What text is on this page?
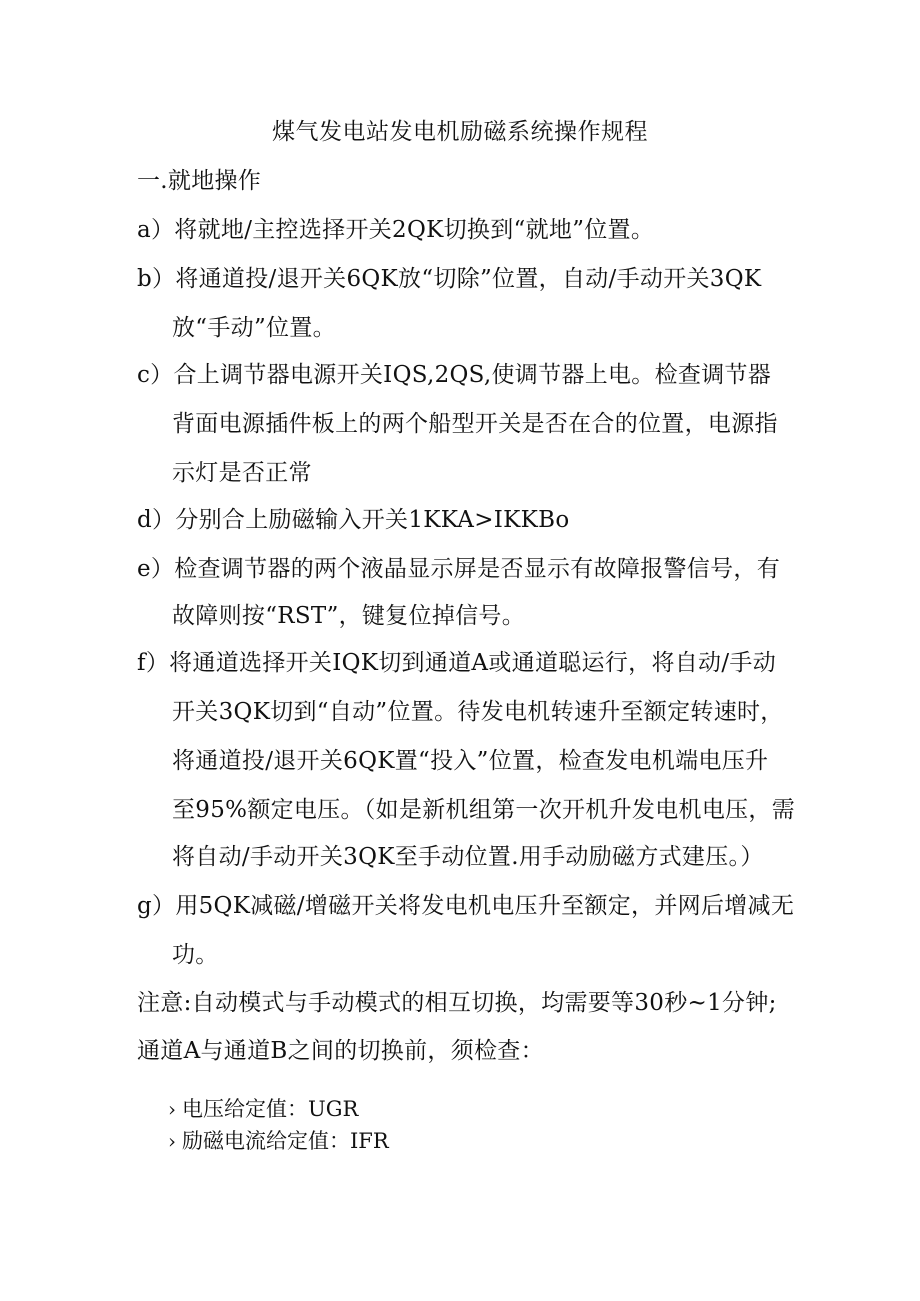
煤气发电站发电机励磁系统操作规程
一.就地操作
a）将就地/主控选择开关2QK切换到“就地”位置。
b）将通道投/退开关6QK放“切除”位置，自动/手动开关3QK
放“手动”位置。
c）合上调节器电源开关IQS,2QS,使调节器上电。检查调节器
背面电源插件板上的两个船型开关是否在合的位置，电源指
示灯是否正常
d）分别合上励磁输入开关1KKA>IKKBo
e）检查调节器的两个液晶显示屏是否显示有故障报警信号，有
故障则按“RST”，键复位掉信号。
f）将通道选择开关IQK切到通道A或通道聪运行，将自动/手动
开关3QK切到“自动”位置。待发电机转速升至额定转速时，
将通道投/退开关6QK置“投入”位置，检查发电机端电压升
至95%额定电压。（如是新机组第一次开机升发电机电压，需
将自动/手动开关3QK至手动位置.用手动励磁方式建压。）
g）用5QK减磁/增磁开关将发电机电压升至额定，并网后增减无
功。
注意:自动模式与手动模式的相互切换，均需要等30秒~1分钟;
通道A与通道B之间的切换前，须检查：
› 电压给定值：UGR
› 励磁电流给定值：IFR
